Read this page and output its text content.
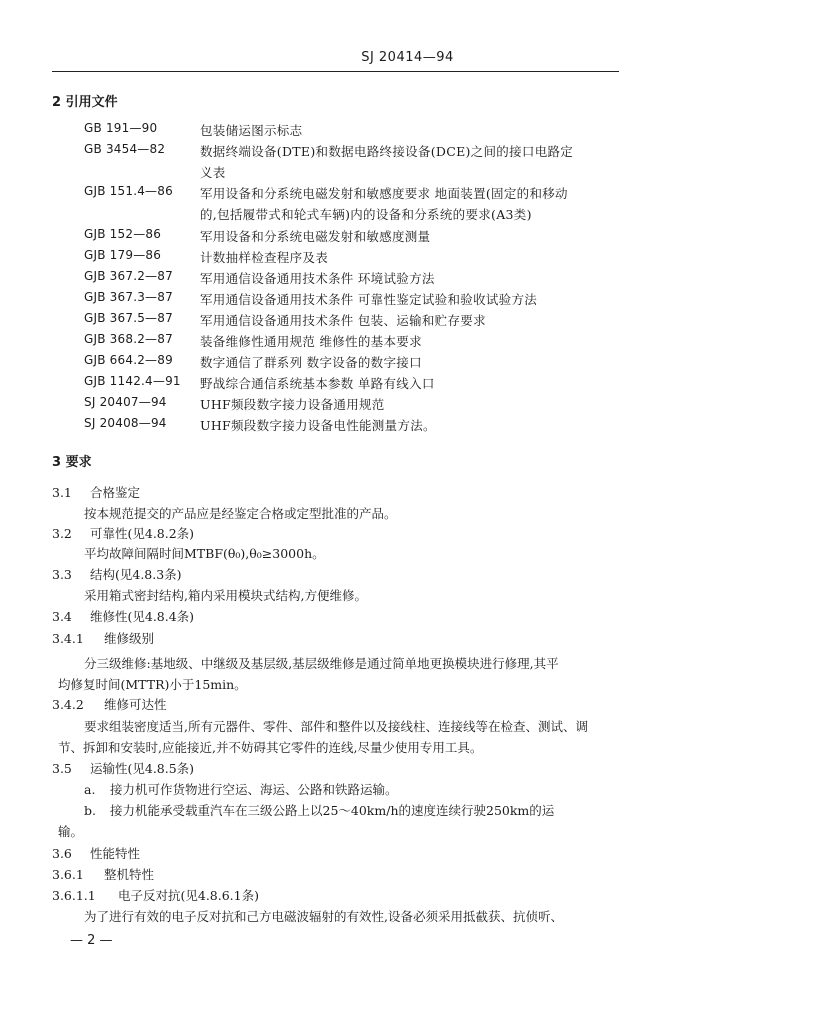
SJ 20414—94
2 引用文件
GB 191—90	包装储运图示标志
GB 3454—82	数据终端设备(DTE)和数据电路终接设备(DCE)之间的接口电路定
义表
GJB 151.4—86 军用设备和分系统电磁发射和敏感度要求 地面装置(固定的和移动
的,包括履带式和轮式车辆)内的设备和分系统的要求(A3类)
GJB 152—86	军用设备和分系统电磁发射和敏感度测量
GJB 179—86	计数抽样检查程序及表
GJB 367.2—87 军用通信设备通用技术条件 环境试验方法
GJB 367.3—87 军用通信设备通用技术条件 可靠性鉴定试验和验收试验方法
GJB 367.5—87 军用通信设备通用技术条件 包装、运输和贮存要求
GJB 368.2—87 装备维修性通用规范 维修性的基本要求
GJB 664.2—89 数字通信了群系列 数字设备的数字接口
GJB 1142.4—91 野战综合通信系统基本参数 单路有线入口
SJ 20407—94	UHF频段数字接力设备通用规范
SJ 20408—94	UHF频段数字接力设备电性能测量方法。
3 要求
3.1 合格鉴定
按本规范提交的产品应是经鉴定合格或定型批准的产品。
3.2 可靠性(见4.8.2条)
平均故障间隔时间MTBF(θ₀),θ₀≥3000h。
3.3 结构(见4.8.3条)
采用箱式密封结构,箱内采用模块式结构,方便维修。
3.4 维修性(见4.8.4条)
3.4.1 维修级别
分三级维修:基地级、中继级及基层级,基层级维修是通过简单地更换模块进行修理,其平
均修复时间(MTTR)小于15min。
3.4.2 维修可达性
要求组装密度适当,所有元器件、零件、部件和整件以及接线柱、连接线等在检查、测试、调
节、拆卸和安装时,应能接近,并不妨碍其它零件的连线,尽量少使用专用工具。
3.5 运输性(见4.8.5条)
a. 接力机可作货物进行空运、海运、公路和铁路运输。
b. 接力机能承受载重汽车在三级公路上以25～40km/h的速度连续行驶250km的运
输。
3.6 性能特性
3.6.1 整机特性
3.6.1.1 电子反对抗(见4.8.6.1条)
为了进行有效的电子反对抗和己方电磁波辐射的有效性,设备必须采用抵截获、抗侦听、
— 2 —
